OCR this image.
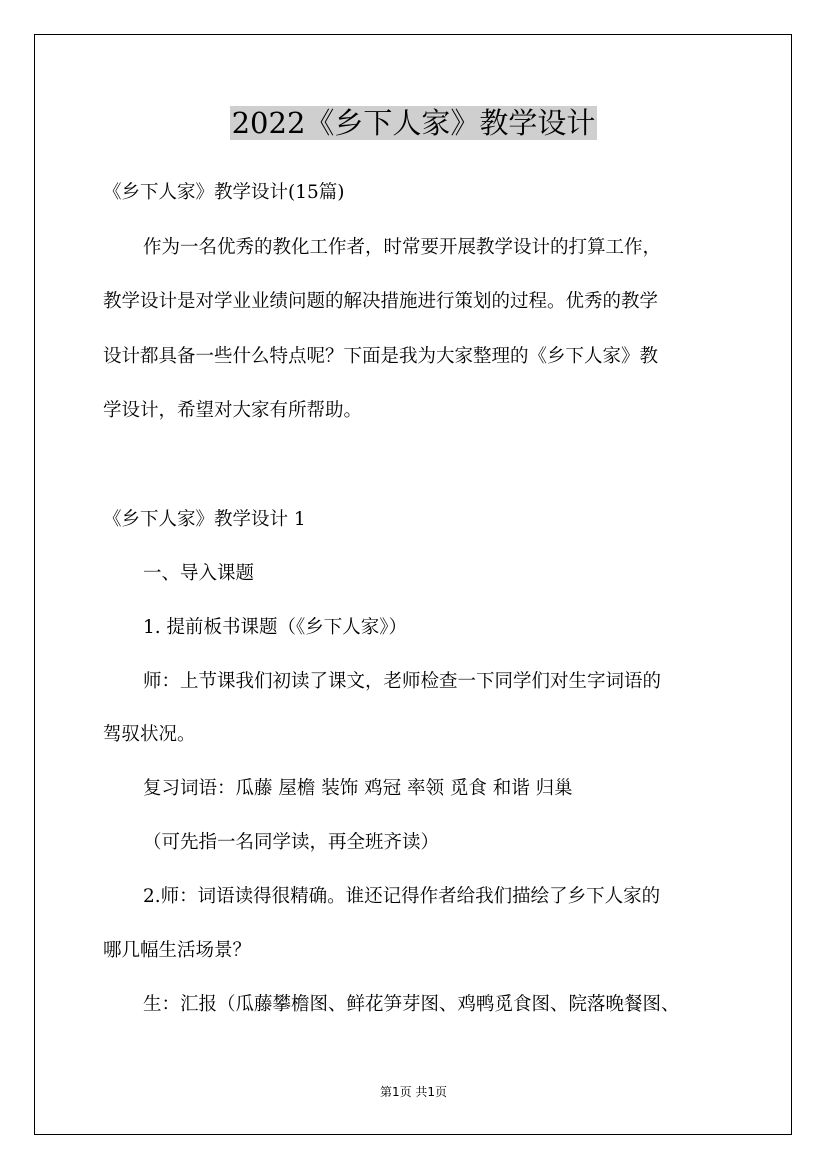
2022《乡下人家》教学设计
《乡下人家》教学设计(15篇)
作为一名优秀的教化工作者，时常要开展教学设计的打算工作，
教学设计是对学业业绩问题的解决措施进行策划的过程。优秀的教学
设计都具备一些什么特点呢？下面是我为大家整理的《乡下人家》教
学设计，希望对大家有所帮助。
《乡下人家》教学设计 1
一、导入课题
1. 提前板书课题（《乡下人家》）
师：上节课我们初读了课文，老师检查一下同学们对生字词语的
驾驭状况。
复习词语：瓜藤 屋檐 装饰 鸡冠 率领 觅食 和谐 归巢
（可先指一名同学读，再全班齐读）
2.师：词语读得很精确。谁还记得作者给我们描绘了乡下人家的
哪几幅生活场景？
生：汇报（瓜藤攀檐图、鲜花笋芽图、鸡鸭觅食图、院落晚餐图、
第1页 共1页
